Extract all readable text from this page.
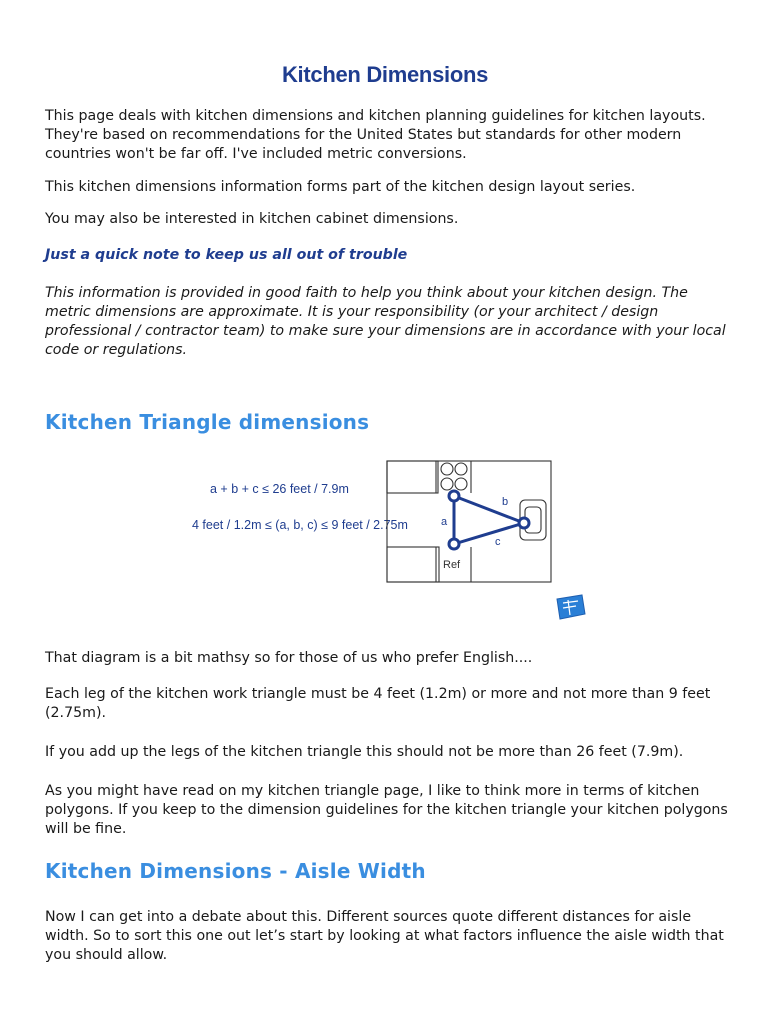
Kitchen Dimensions

This page deals with kitchen dimensions and kitchen planning guidelines for kitchen layouts. They're based on recommendations for the United States but standards for other modern countries won't be far off. I've included metric conversions.

This kitchen dimensions information forms part of the kitchen design layout series.

You may also be interested in kitchen cabinet dimensions.

Just a quick note to keep us all out of trouble

This information is provided in good faith to help you think about your kitchen design. The metric dimensions are approximate. It is your responsibility (or your architect / design professional / contractor team) to make sure your dimensions are in accordance with your local code or regulations.

Kitchen Triangle dimensions
a + b + c ≤ 26 feet / 7.9m
4 feet / 1.2m ≤ (a, b, c) ≤ 9 feet / 2.75m	a
b
c
Ref

That diagram is a bit mathsy so for those of us who prefer English....

Each leg of the kitchen work triangle must be 4 feet (1.2m) or more and not more than 9 feet (2.75m).

If you add up the legs of the kitchen triangle this should not be more than 26 feet (7.9m).

As you might have read on my kitchen triangle page, I like to think more in terms of kitchen polygons. If you keep to the dimension guidelines for the kitchen triangle your kitchen polygons will be fine.

Kitchen Dimensions - Aisle Width

Now I can get into a debate about this. Different sources quote different distances for aisle width. So to sort this one out let’s start by looking at what factors influence the aisle width that you should allow.
